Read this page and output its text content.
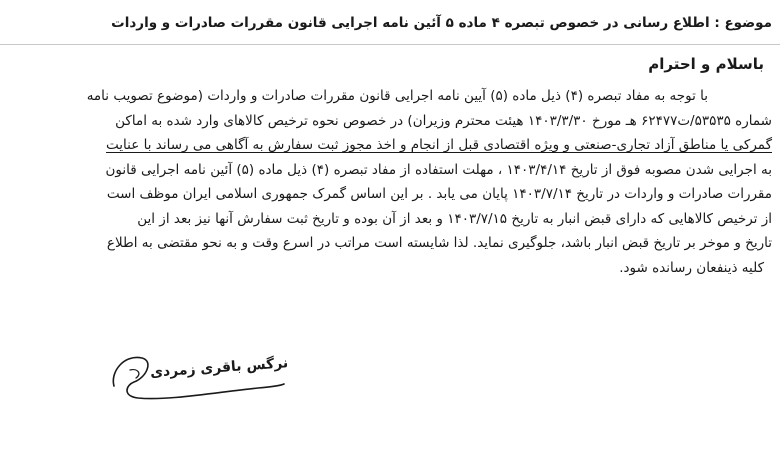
موضوع : اطلاع رسانی در خصوص تبصره ۴ ماده ۵ آئین نامه اجرایی قانون مقررات صادرات و واردات
باسلام و احترام
با توجه به مفاد تبصره (۴) ذیل ماده (۵) آیین نامه اجرایی قانون مقررات صادرات و واردات (موضوع تصویب نامه
شماره ۵۳۵۳۵/ت۶۲۴۷۷ هـ مورخ ۱۴۰۳/۳/۳۰ هیئت محترم وزیران) در خصوص نحوه ترخیص کالاهای وارد شده به اماکن
گمرکی یا مناطق آزاد تجاری-صنعتی و ویژه اقتصادی قبل از انجام و اخذ مجوز ثبت سفارش به آگاهی می رساند با عنایت
به اجرایی شدن مصوبه فوق از تاریخ ۱۴۰۳/۴/۱۴ ، مهلت استفاده از مفاد تبصره (۴) ذیل ماده (۵) آئین نامه اجرایی قانون
مقررات صادرات و واردات در تاریخ ۱۴۰۳/۷/۱۴ پایان می یابد . بر این اساس گمرک جمهوری اسلامی ایران موظف است
از ترخیص کالاهایی که دارای قبض انبار به تاریخ ۱۴۰۳/۷/۱۵ و بعد از آن بوده و تاریخ ثبت سفارش آنها نیز بعد از این
تاریخ و موخر بر تاریخ قبض انبار باشد، جلوگیری نماید. لذا شایسته است مراتب در اسرع وقت و به نحو مقتضی به اطلاع
کلیه ذینفعان رسانده شود.
نرگس باقری زمردی
